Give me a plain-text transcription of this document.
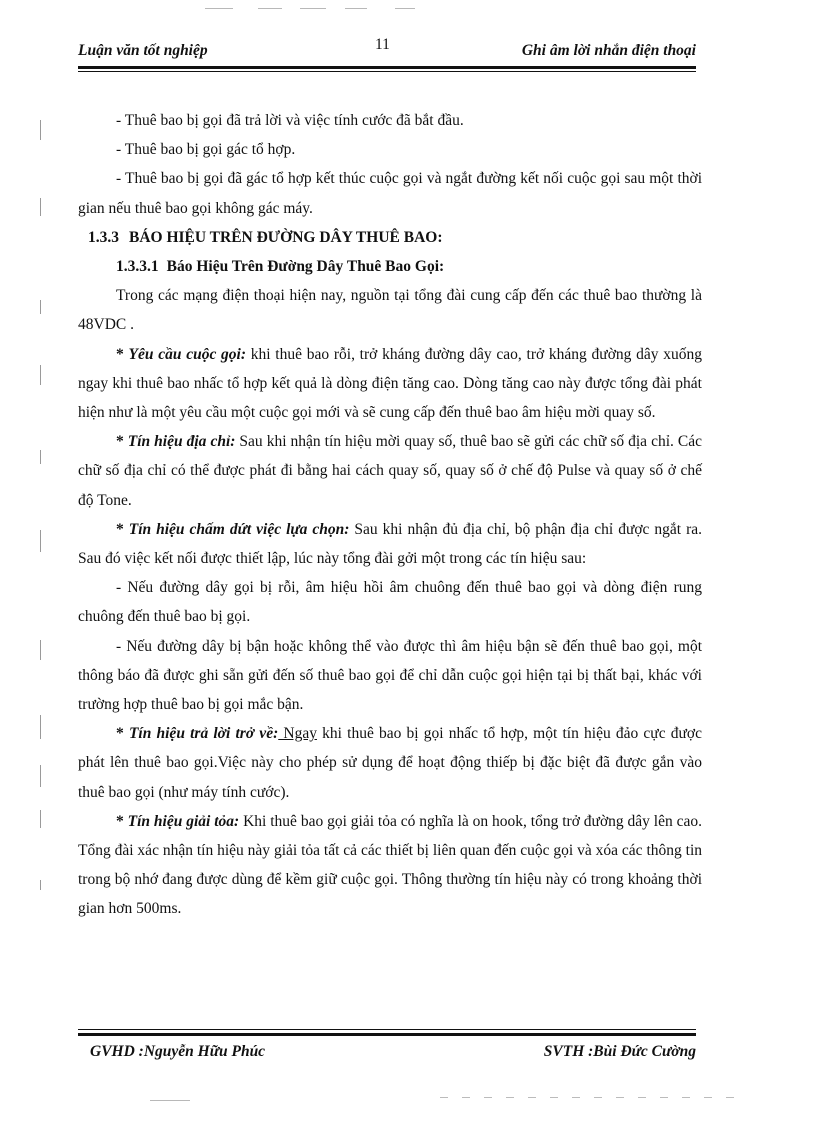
Luận văn tốt nghiệp	11	Ghi âm lời nhắn điện thoại

- Thuê bao bị gọi đã trả lời và việc tính cước đã bắt đầu.

- Thuê bao bị gọi gác tổ hợp.

- Thuê bao bị gọi đã gác tổ hợp kết thúc cuộc gọi và ngắt đường kết nối cuộc gọi sau một thời gian nếu thuê bao gọi không gác máy.

1.3.3 BÁO HIỆU TRÊN ĐƯỜNG DÂY THUÊ BAO:

1.3.3.1 Báo Hiệu Trên Đường Dây Thuê Bao Gọi:

Trong các mạng điện thoại hiện nay, nguồn tại tổng đài cung cấp đến các thuê bao thường là 48VDC .

* Yêu cầu cuộc gọi: khi thuê bao rỗi, trở kháng đường dây cao, trở kháng đường dây xuống ngay khi thuê bao nhấc tổ hợp kết quả là dòng điện tăng cao. Dòng tăng cao này được tổng đài phát hiện như là một yêu cầu một cuộc gọi mới và sẽ cung cấp đến thuê bao âm hiệu mời quay số.

* Tín hiệu địa chỉ: Sau khi nhận tín hiệu mời quay số, thuê bao sẽ gửi các chữ số địa chỉ. Các chữ số địa chỉ có thể được phát đi bằng hai cách quay số, quay số ở chế độ Pulse và quay số ở chế độ Tone.

* Tín hiệu chấm dứt việc lựa chọn: Sau khi nhận đủ địa chỉ, bộ phận địa chỉ được ngắt ra. Sau đó việc kết nối được thiết lập, lúc này tổng đài gởi một trong các tín hiệu sau:

- Nếu đường dây gọi bị rỗi, âm hiệu hồi âm chuông đến thuê bao gọi và dòng điện rung chuông đến thuê bao bị gọi.

- Nếu đường dây bị bận hoặc không thể vào được thì âm hiệu bận sẽ đến thuê bao gọi, một thông báo đã được ghi sẵn gửi đến số thuê bao gọi để chỉ dẫn cuộc gọi hiện tại bị thất bại, khác với trường hợp thuê bao bị gọi mắc bận.

* Tín hiệu trả lời trở về: Ngay khi thuê bao bị gọi nhấc tổ hợp, một tín hiệu đảo cực được phát lên thuê bao gọi.Việc này cho phép sử dụng để hoạt động thiếp bị đặc biệt đã được gắn vào thuê bao gọi (như máy tính cước).

* Tín hiệu giải tỏa: Khi thuê bao gọi giải tỏa có nghĩa là on hook, tổng trở đường dây lên cao. Tổng đài xác nhận tín hiệu này giải tỏa tất cả các thiết bị liên quan đến cuộc gọi và xóa các thông tin trong bộ nhớ đang được dùng để kềm giữ cuộc gọi. Thông thường tín hiệu này có trong khoảng thời gian hơn 500ms.

GVHD :Nguyễn Hữu Phúc	SVTH :Bùi Đức Cường
